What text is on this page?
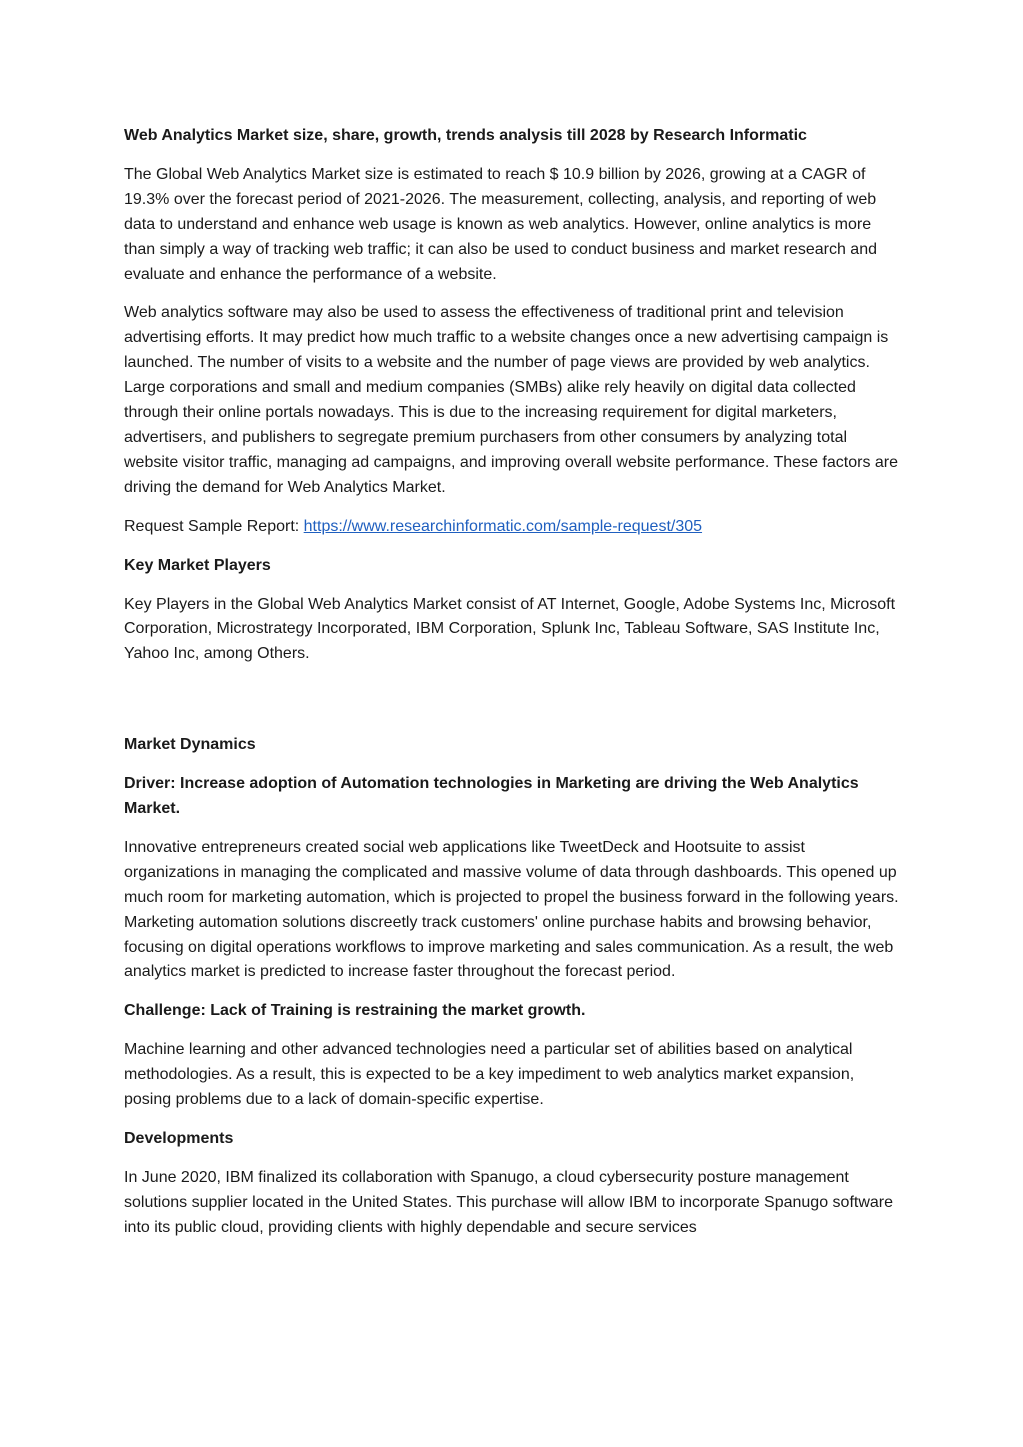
Web Analytics Market size, share, growth, trends analysis till 2028 by Research Informatic

The Global Web Analytics Market size is estimated to reach $ 10.9 billion by 2026, growing at a CAGR of 19.3% over the forecast period of 2021-2026. The measurement, collecting, analysis, and reporting of web data to understand and enhance web usage is known as web analytics. However, online analytics is more than simply a way of tracking web traffic; it can also be used to conduct business and market research and evaluate and enhance the performance of a website.

Web analytics software may also be used to assess the effectiveness of traditional print and television advertising efforts. It may predict how much traffic to a website changes once a new advertising campaign is launched. The number of visits to a website and the number of page views are provided by web analytics. Large corporations and small and medium companies (SMBs) alike rely heavily on digital data collected through their online portals nowadays. This is due to the increasing requirement for digital marketers, advertisers, and publishers to segregate premium purchasers from other consumers by analyzing total website visitor traffic, managing ad campaigns, and improving overall website performance. These factors are driving the demand for Web Analytics Market.

Request Sample Report: https://www.researchinformatic.com/sample-request/305

Key Market Players

Key Players in the Global Web Analytics Market consist of AT Internet, Google, Adobe Systems Inc, Microsoft Corporation, Microstrategy Incorporated, IBM Corporation, Splunk Inc, Tableau Software, SAS Institute Inc, Yahoo Inc, among Others.

Market Dynamics

Driver: Increase adoption of Automation technologies in Marketing are driving the Web Analytics Market.

Innovative entrepreneurs created social web applications like TweetDeck and Hootsuite to assist organizations in managing the complicated and massive volume of data through dashboards. This opened up much room for marketing automation, which is projected to propel the business forward in the following years. Marketing automation solutions discreetly track customers' online purchase habits and browsing behavior, focusing on digital operations workflows to improve marketing and sales communication. As a result, the web analytics market is predicted to increase faster throughout the forecast period.

Challenge: Lack of Training is restraining the market growth.

Machine learning and other advanced technologies need a particular set of abilities based on analytical methodologies. As a result, this is expected to be a key impediment to web analytics market expansion, posing problems due to a lack of domain-specific expertise.

Developments

In June 2020, IBM finalized its collaboration with Spanugo, a cloud cybersecurity posture management solutions supplier located in the United States. This purchase will allow IBM to incorporate Spanugo software into its public cloud, providing clients with highly dependable and secure services
